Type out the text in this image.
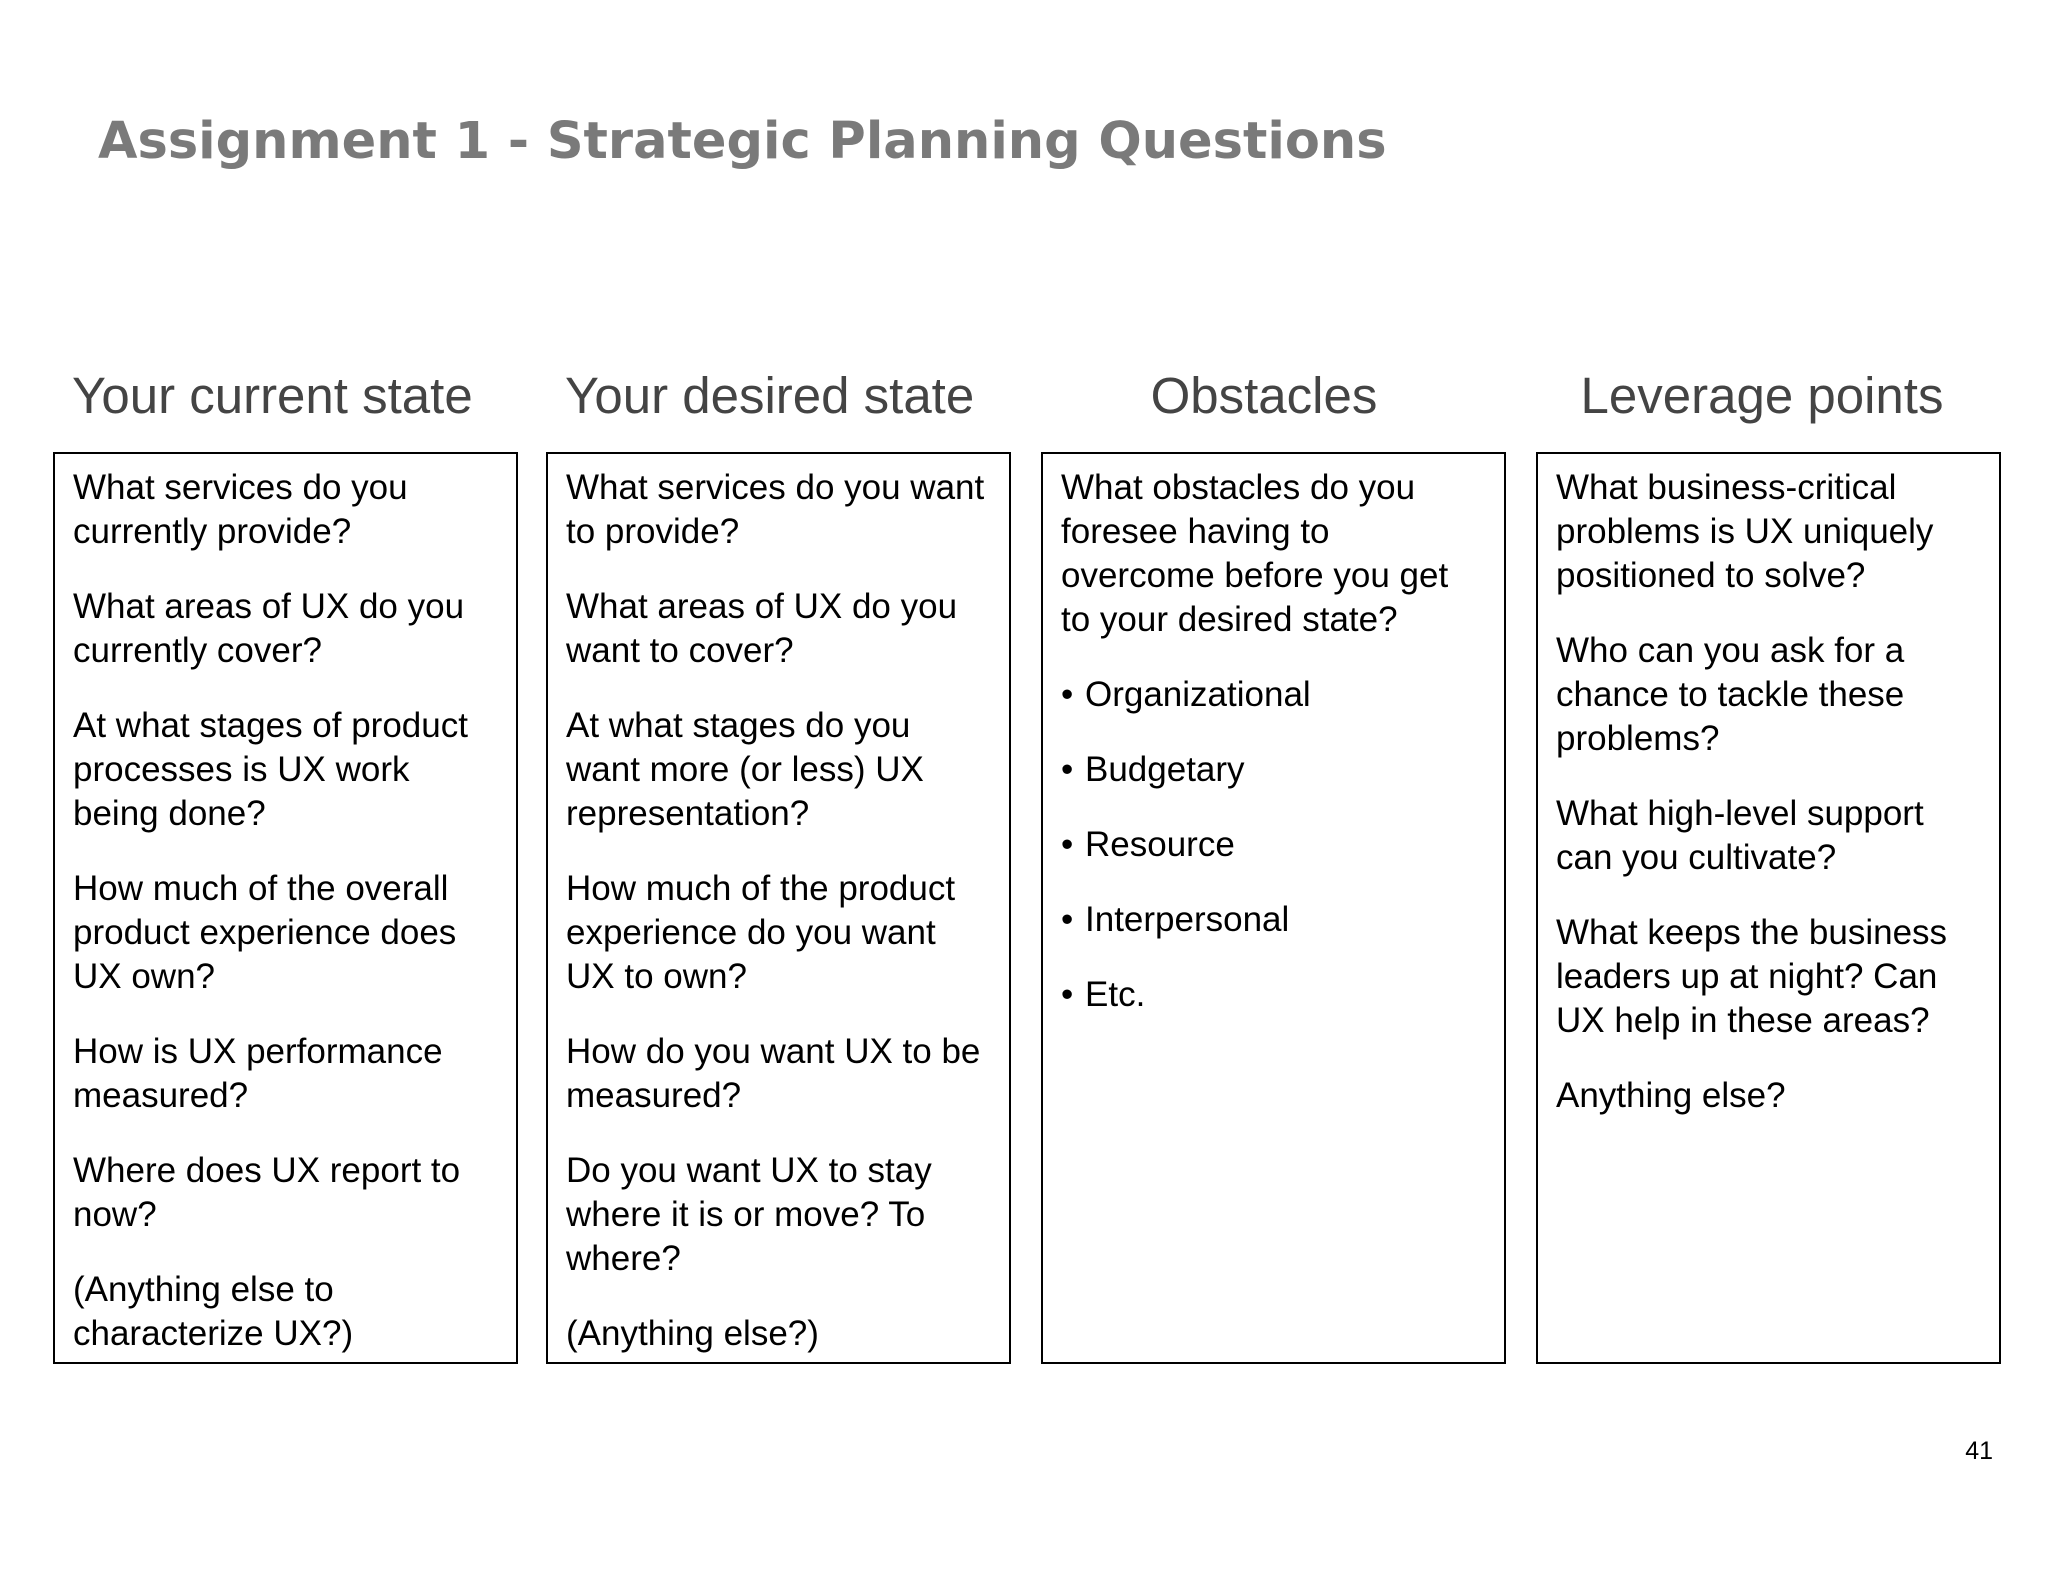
Assignment 1 - Strategic Planning Questions
Your current state	Your desired state	Obstacles	Leverage points

What services do you currently provide?

What areas of UX do you currently cover?

At what stages of product processes is UX work being done?

How much of the overall product experience does UX own?

How is UX performance measured?

Where does UX report to now?

(Anything else to characterize UX?)

What services do you want to provide?

What areas of UX do you want to cover?

At what stages do you want more (or less) UX representation?

How much of the product experience do you want UX to own?

How do you want UX to be measured?

Do you want UX to stay where it is or move? To where?

(Anything else?)

What obstacles do you foresee having to overcome before you get to your desired state?

• Organizational
• Budgetary
• Resource
• Interpersonal
• Etc.

What business-critical problems is UX uniquely positioned to solve?

Who can you ask for a chance to tackle these problems?

What high-level support can you cultivate?

What keeps the business leaders up at night? Can UX help in these areas?

Anything else?

41
